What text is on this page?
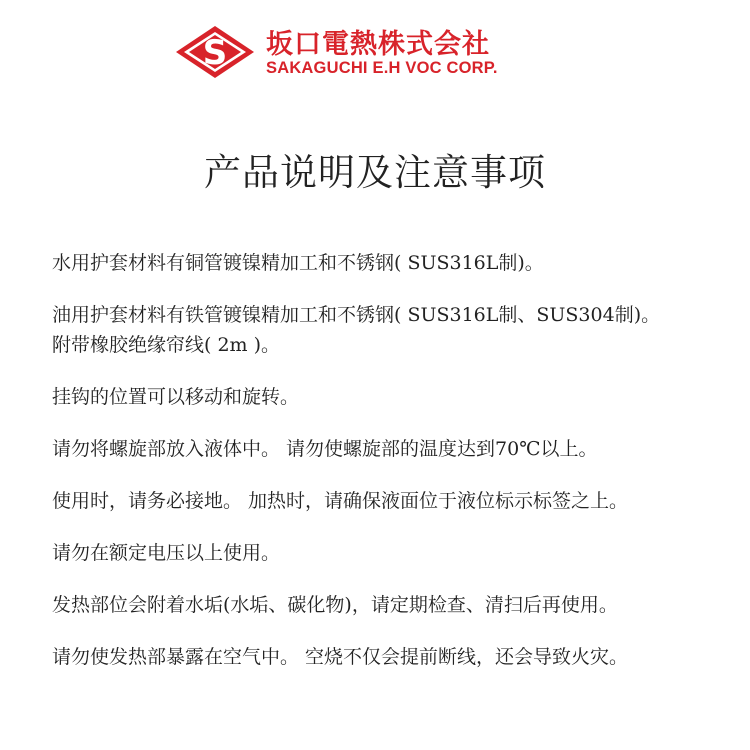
S 坂口電熱株式会社
SAKAGUCHI E.H VOC CORP.
产品说明及注意事项
水用护套材料有铜管镀镍精加工和不锈钢( SUS316L制)。
油用护套材料有铁管镀镍精加工和不锈钢( SUS316L制、SUS304制)。
附带橡胶绝缘帘线( 2m )。
挂钩的位置可以移动和旋转。
请勿将螺旋部放入液体中。 请勿使螺旋部的温度达到70℃以上。
使用时，请务必接地。 加热时，请确保液面位于液位标示标签之上。
请勿在额定电压以上使用。
发热部位会附着水垢(水垢、碳化物)，请定期检查、清扫后再使用。
请勿使发热部暴露在空气中。 空烧不仅会提前断线，还会导致火灾。
